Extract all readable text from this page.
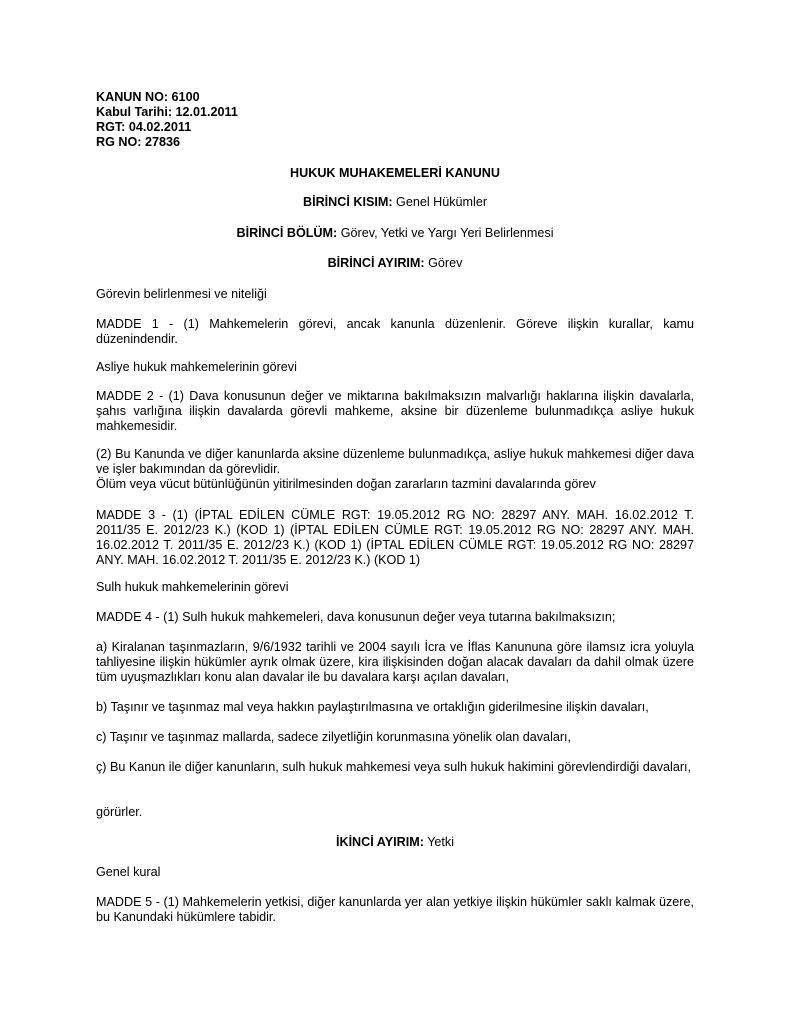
KANUN NO: 6100
Kabul Tarihi: 12.01.2011
RGT: 04.02.2011
RG NO: 27836
HUKUK MUHAKEMELERİ KANUNU
BİRİNCİ KISIM: Genel Hükümler
BİRİNCİ BÖLÜM: Görev, Yetki ve Yargı Yeri Belirlenmesi
BİRİNCİ AYIRIM: Görev

Görevin belirlenmesi ve niteliği

MADDE 1 - (1) Mahkemelerin görevi, ancak kanunla düzenlenir. Göreve ilişkin kurallar, kamu düzenindendir.

Asliye hukuk mahkemelerinin görevi

MADDE 2 - (1) Dava konusunun değer ve miktarına bakılmaksızın malvarlığı haklarına ilişkin davalarla, şahıs varlığına ilişkin davalarda görevli mahkeme, aksine bir düzenleme bulunmadıkça asliye hukuk mahkemesidir.

(2) Bu Kanunda ve diğer kanunlarda aksine düzenleme bulunmadıkça, asliye hukuk mahkemesi diğer dava ve işler bakımından da görevlidir.

Ölüm veya vücut bütünlüğünün yitirilmesinden doğan zararların tazmini davalarında görev

MADDE 3 - (1) (İPTAL EDİLEN CÜMLE RGT: 19.05.2012 RG NO: 28297 ANY. MAH. 16.02.2012 T. 2011/35 E. 2012/23 K.) (KOD 1) (İPTAL EDİLEN CÜMLE RGT: 19.05.2012 RG NO: 28297 ANY. MAH. 16.02.2012 T. 2011/35 E. 2012/23 K.) (KOD 1) (İPTAL EDİLEN CÜMLE RGT: 19.05.2012 RG NO: 28297 ANY. MAH. 16.02.2012 T. 2011/35 E. 2012/23 K.) (KOD 1)

Sulh hukuk mahkemelerinin görevi

MADDE 4 - (1) Sulh hukuk mahkemeleri, dava konusunun değer veya tutarına bakılmaksızın;

a) Kiralanan taşınmazların, 9/6/1932 tarihli ve 2004 sayılı İcra ve İflas Kanununa göre ilamsız icra yoluyla tahliyesine ilişkin hükümler ayrık olmak üzere, kira ilişkisinden doğan alacak davaları da dahil olmak üzere tüm uyuşmazlıkları konu alan davalar ile bu davalara karşı açılan davaları,

b) Taşınır ve taşınmaz mal veya hakkın paylaştırılmasına ve ortaklığın giderilmesine ilişkin davaları,

c) Taşınır ve taşınmaz mallarda, sadece zilyetliğin korunmasına yönelik olan davaları,

ç) Bu Kanun ile diğer kanunların, sulh hukuk mahkemesi veya sulh hukuk hakimini görevlendirdiği davaları,

görürler.

İKİNCİ AYIRIM: Yetki

Genel kural

MADDE 5 - (1) Mahkemelerin yetkisi, diğer kanunlarda yer alan yetkiye ilişkin hükümler saklı kalmak üzere, bu Kanundaki hükümlere tabidir.
